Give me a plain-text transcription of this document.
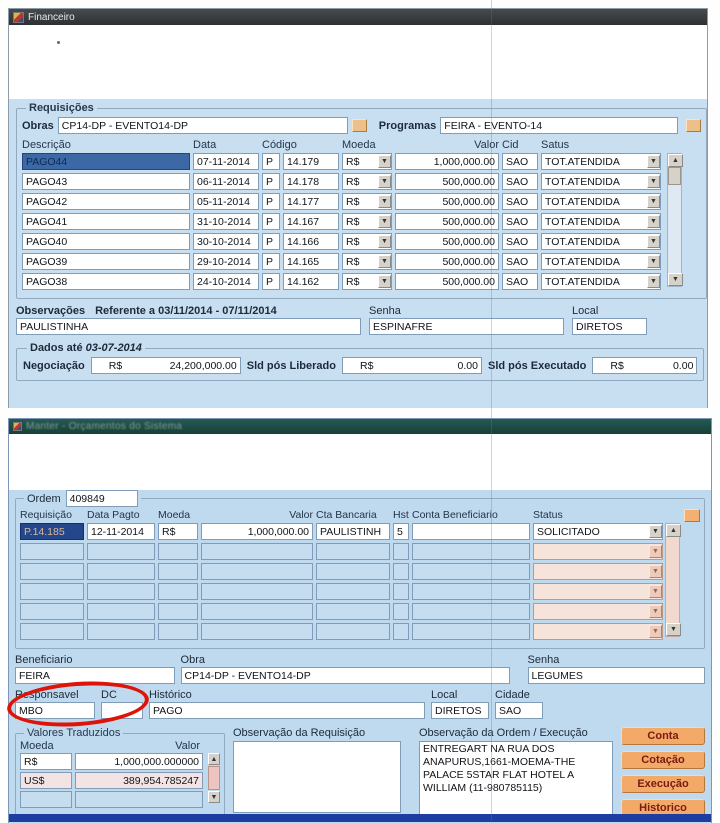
Financeiro
Requisições
Obras
CP14-DP - EVENTO14-DP	Programas
FEIRA - EVENTO-14
Descrição	Data	Código	Moeda	Valor Cid	Satus
PAGO44	07-11-2014	P	14.179	R$	▼	1,000,000.00	SAO	TOT.ATENDIDA	▼
PAGO43	06-11-2014	P	14.178	R$	▼	500,000.00	SAO	TOT.ATENDIDA	▼
PAGO42	05-11-2014	P	14.177	R$	▼	500,000.00	SAO	TOT.ATENDIDA	▼
PAGO41	31-10-2014	P	14.167	R$	▼	500,000.00	SAO	TOT.ATENDIDA	▼
PAGO40	30-10-2014	P	14.166	R$	▼	500,000.00	SAO	TOT.ATENDIDA	▼
PAGO39	29-10-2014	P	14.165	R$	▼	500,000.00	SAO	TOT.ATENDIDA	▼
PAGO38	24-10-2014	P	14.162	R$	▼	500,000.00	SAO	TOT.ATENDIDA	▼
▲
▼
Observações Referente a 03/11/2014 - 07/11/2014	Senha	Local
PAULISTINHA
ESPINAFRE
DIRETOS
Dados até 03-07-2014
Negociação	R$	24,200,000.00 Sld pós Liberado	R$	0.00 Sld pós Executado	R$	0.00
Manter - Orçamentos do Sistema
Ordem
409849
Requisição	Data Pagto	Moeda	Valor Cta Bancaria	Hst Conta Beneficiario	Status
P.14.185	12-11-2014	R$	1,000,000.00	PAULISTINH	5	SOLICITADO	▼
▼
▼
▼
▼
▼
▲
▼
Beneficiario
FEIRA	Obra
CP14-DP - EVENTO14-DP	Senha
LEGUMES
Responsavel
MBO	DC	Histórico
PAGO	Local
DIRETOS	Cidade
SAO
Valores Traduzidos
Moeda	Valor
R$	1,000,000.000000
US$	389,954.785247
▲
▼
Observação da Requisição	Observação da Ordem / Execução
ENTREGART NA RUA DOS ANAPURUS,1661-MOEMA-THE PALACE 5STAR FLAT HOTEL A WILLIAM (11-980785115)	Conta
Cotação
Execução
Historico
